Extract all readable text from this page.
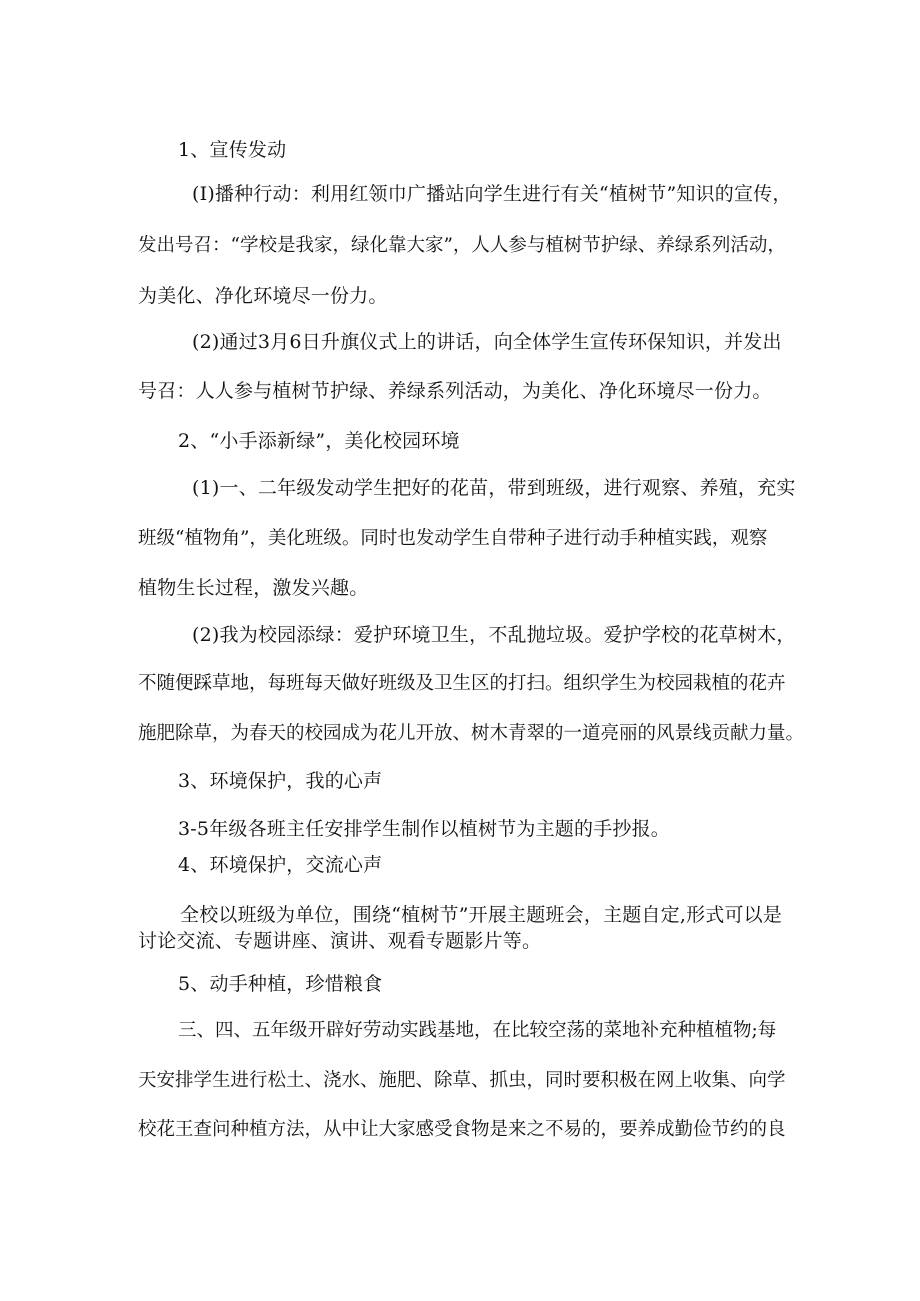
1、宣传发动
(I)播种行动：利用红领巾广播站向学生进行有关“植树节”知识的宣传，
发出号召：“学校是我家，绿化靠大家”，人人参与植树节护绿、养绿系列活动，
为美化、净化环境尽一份力。
(2)通过3月6日升旗仪式上的讲话，向全体学生宣传环保知识，并发出
号召：人人参与植树节护绿、养绿系列活动，为美化、净化环境尽一份力。
2、“小手添新绿”，美化校园环境
(1)一、二年级发动学生把好的花苗，带到班级，进行观察、养殖，充实
班级“植物角”，美化班级。同时也发动学生自带种子进行动手种植实践，观察
植物生长过程，激发兴趣。
(2)我为校园添绿：爱护环境卫生，不乱抛垃圾。爱护学校的花草树木，
不随便踩草地，每班每天做好班级及卫生区的打扫。组织学生为校园栽植的花卉
施肥除草，为春天的校园成为花儿开放、树木青翠的一道亮丽的风景线贡献力量。
3、环境保护，我的心声
3-5年级各班主任安排学生制作以植树节为主题的手抄报。
4、环境保护，交流心声
全校以班级为单位，围绕“植树节”开展主题班会，主题自定,形式可以是
讨论交流、专题讲座、演讲、观看专题影片等。
5、动手种植，珍惜粮食
三、四、五年级开辟好劳动实践基地，在比较空荡的菜地补充种植植物;每
天安排学生进行松土、浇水、施肥、除草、抓虫，同时要积极在网上收集、向学
校花王查问种植方法，从中让大家感受食物是来之不易的，要养成勤俭节约的良
